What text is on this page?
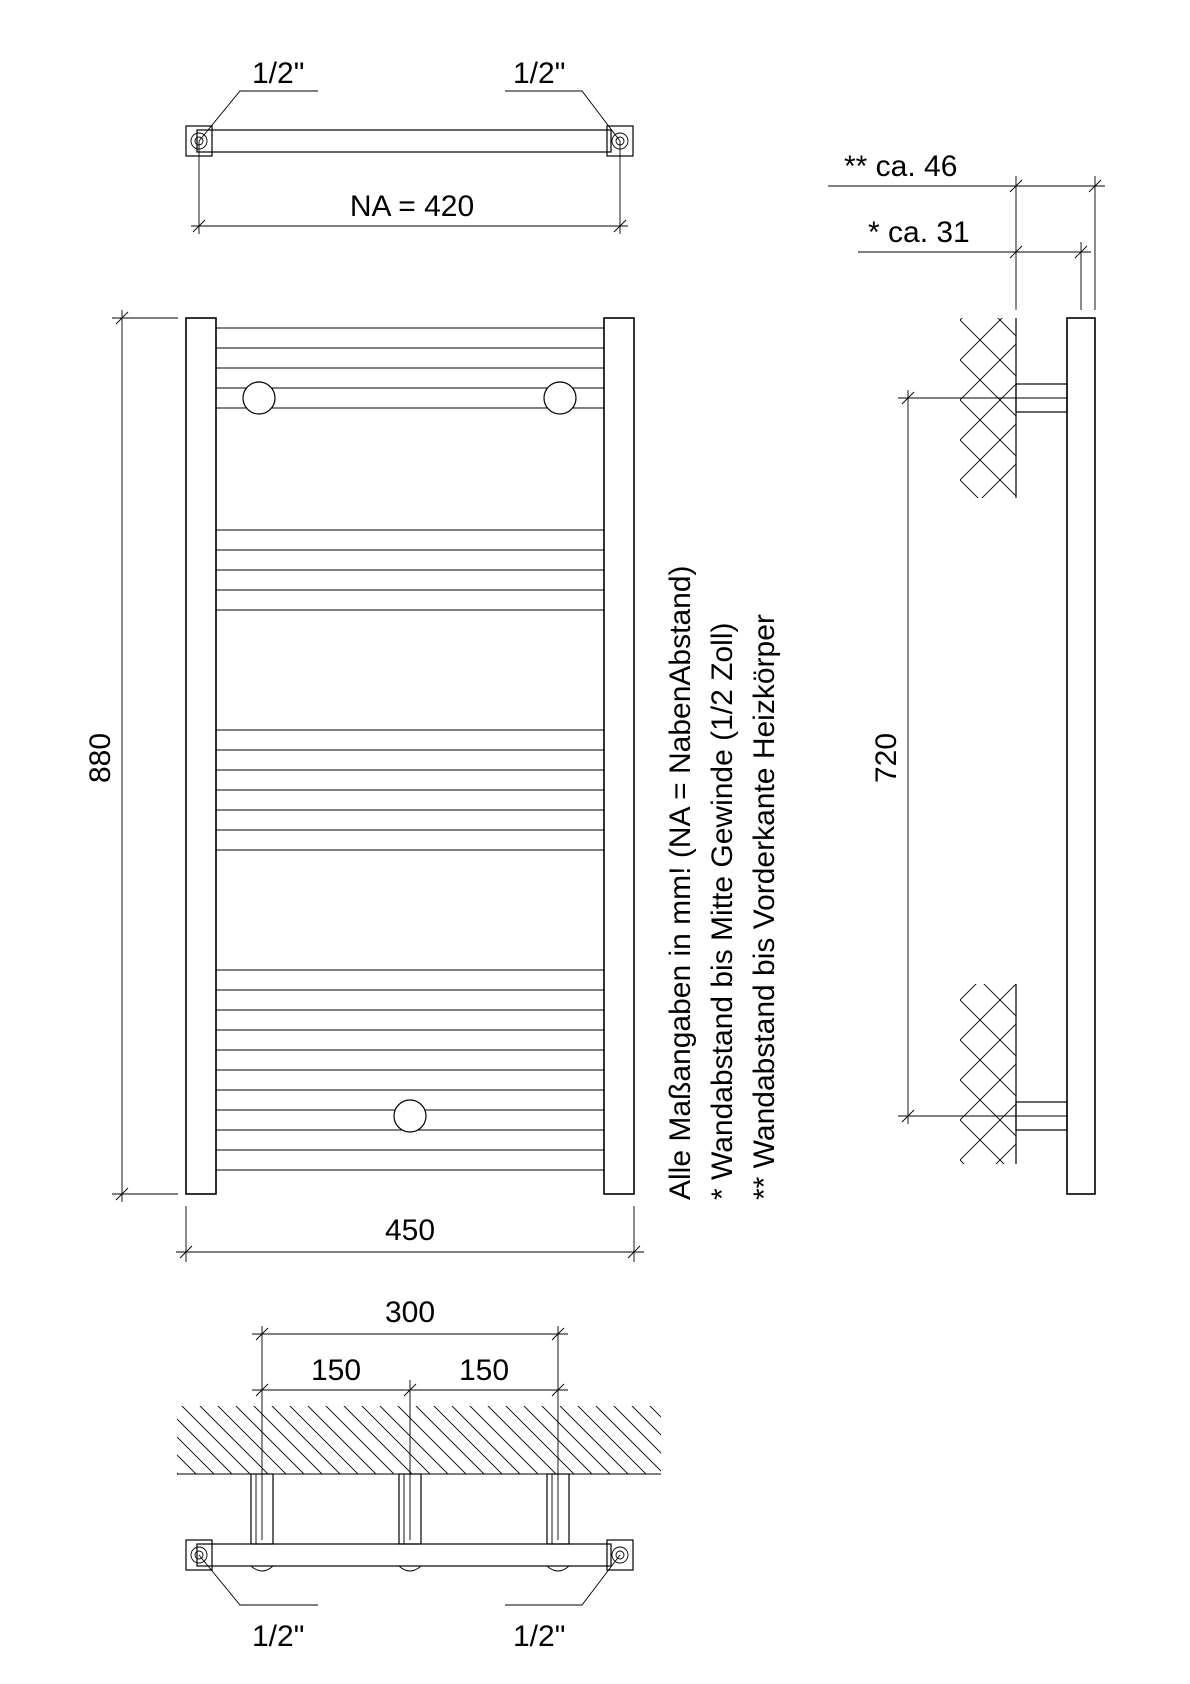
1/2"	1/2"
NA = 420
880
450
1/2"	1/2"
300
150	150
Alle Maßangaben in mm! (NA = NabenAbstand) * Wandabstand bis Mitte Gewinde (1/2 Zoll) ** Wandabstand bis Vorderkante Heizkörper	720
** ca. 46
* ca. 31
